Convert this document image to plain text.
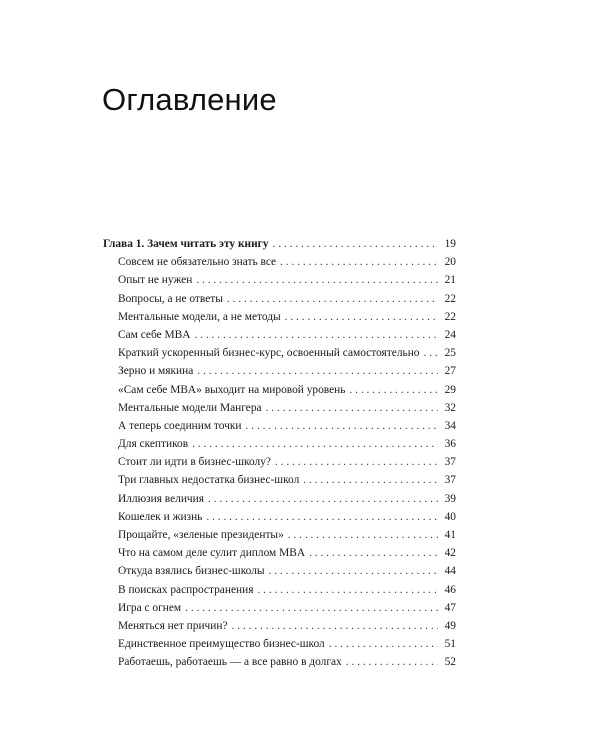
Оглавление
Глава 1. Зачем читать эту книгу . . .	19
Совсем не обязательно знать все . . .	20
Опыт не нужен . . .	21
Вопросы, а не ответы . . .	22
Ментальные модели, а не методы . . .	22
Сам себе MBA . . .	24
Краткий ускоренный бизнес-курс, освоенный самостоятельно . . . 25
Зерно и мякина . . .	27
«Сам себе MBA» выходит на мировой уровень . . .	29
Ментальные модели Мангера . . .	32
А теперь соединим точки . . .	34
Для скептиков . . .	36
Стоит ли идти в бизнес-школу? . . .	37
Три главных недостатка бизнес-школ . . .	37
Иллюзия величия . . .	39
Кошелек и жизнь . . .	40
Прощайте, «зеленые президенты» . . .	41
Что на самом деле сулит диплом MBA . . .	42
Откуда взялись бизнес-школы . . .	44
В поисках распространения . . .	46
Игра с огнем . . .	47
Меняться нет причин? . . .	49
Единственное преимущество бизнес-школ . . .	51
Работаешь, работаешь — а все равно в долгах . . .	52
